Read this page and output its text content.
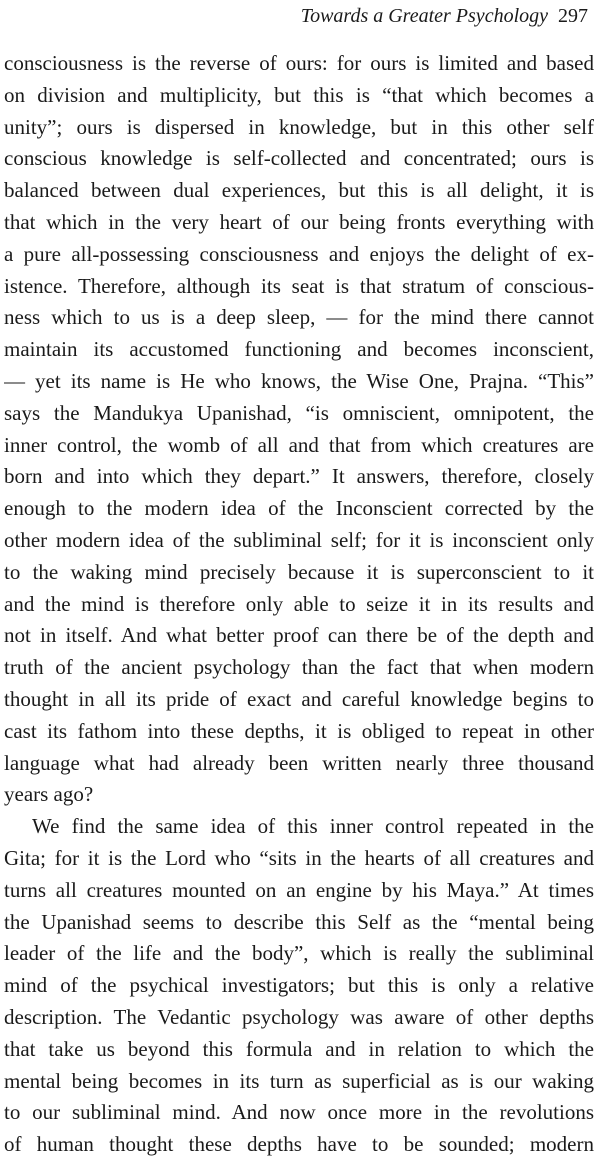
Towards a Greater Psychology 297
consciousness is the reverse of ours: for ours is limited and based
on division and multiplicity, but this is “that which becomes a
unity”; ours is dispersed in knowledge, but in this other self
conscious knowledge is self-collected and concentrated; ours is
balanced between dual experiences, but this is all delight, it is
that which in the very heart of our being fronts everything with
a pure all-possessing consciousness and enjoys the delight of ex-
istence. Therefore, although its seat is that stratum of conscious-
ness which to us is a deep sleep, — for the mind there cannot
maintain its accustomed functioning and becomes inconscient,
— yet its name is He who knows, the Wise One, Prajna. “This”
says the Mandukya Upanishad, “is omniscient, omnipotent, the
inner control, the womb of all and that from which creatures are
born and into which they depart.” It answers, therefore, closely
enough to the modern idea of the Inconscient corrected by the
other modern idea of the subliminal self; for it is inconscient only
to the waking mind precisely because it is superconscient to it
and the mind is therefore only able to seize it in its results and
not in itself. And what better proof can there be of the depth and
truth of the ancient psychology than the fact that when modern
thought in all its pride of exact and careful knowledge begins to
cast its fathom into these depths, it is obliged to repeat in other
language what had already been written nearly three thousand
years ago?
We find the same idea of this inner control repeated in the
Gita; for it is the Lord who “sits in the hearts of all creatures and
turns all creatures mounted on an engine by his Maya.” At times
the Upanishad seems to describe this Self as the “mental being
leader of the life and the body”, which is really the subliminal
mind of the psychical investigators; but this is only a relative
description. The Vedantic psychology was aware of other depths
that take us beyond this formula and in relation to which the
mental being becomes in its turn as superficial as is our waking
to our subliminal mind. And now once more in the revolutions
of human thought these depths have to be sounded; modern
